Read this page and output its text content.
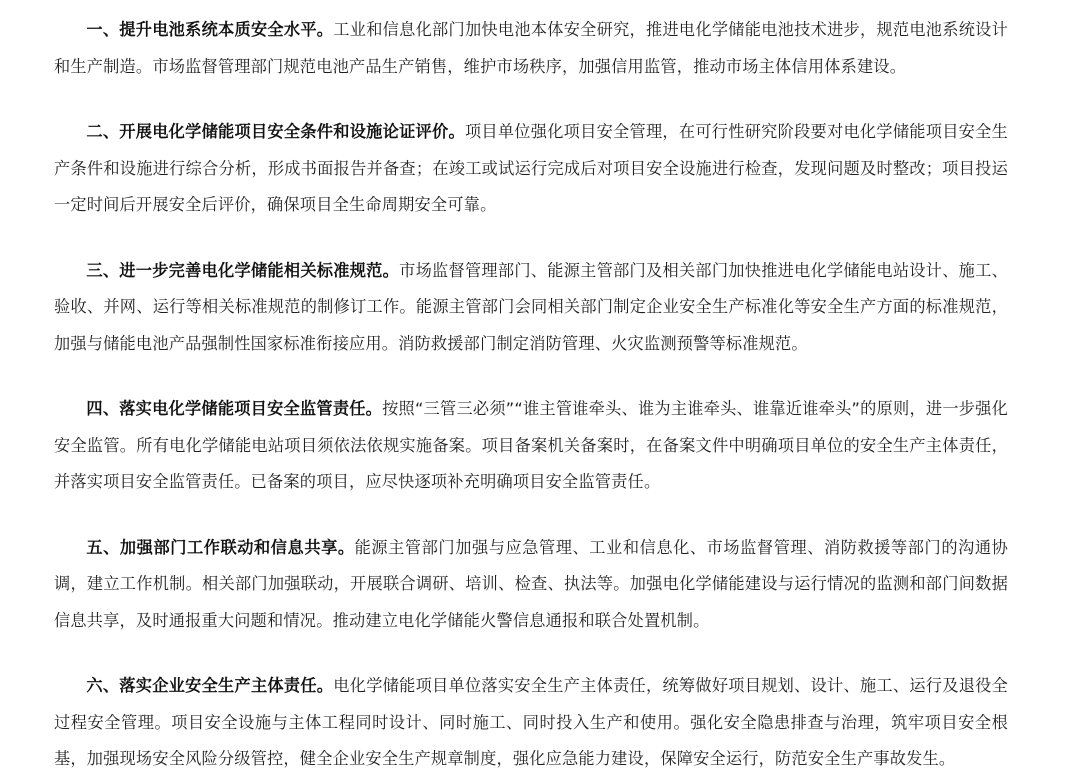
一、提升电池系统本质安全水平。工业和信息化部门加快电池本体安全研究，推进电化学储能电池技术进步，规范电池系统设计和生产制造。市场监督管理部门规范电池产品生产销售，维护市场秩序，加强信用监管，推动市场主体信用体系建设。

二、开展电化学储能项目安全条件和设施论证评价。项目单位强化项目安全管理，在可行性研究阶段要对电化学储能项目安全生产条件和设施进行综合分析，形成书面报告并备查；在竣工或试运行完成后对项目安全设施进行检查，发现问题及时整改；项目投运一定时间后开展安全后评价，确保项目全生命周期安全可靠。

三、进一步完善电化学储能相关标准规范。市场监督管理部门、能源主管部门及相关部门加快推进电化学储能电站设计、施工、验收、并网、运行等相关标准规范的制修订工作。能源主管部门会同相关部门制定企业安全生产标准化等安全生产方面的标准规范，加强与储能电池产品强制性国家标准衔接应用。消防救援部门制定消防管理、火灾监测预警等标准规范。

四、落实电化学储能项目安全监管责任。按照“三管三必须”“谁主管谁牵头、谁为主谁牵头、谁靠近谁牵头”的原则，进一步强化安全监管。所有电化学储能电站项目须依法依规实施备案。项目备案机关备案时，在备案文件中明确项目单位的安全生产主体责任，并落实项目安全监管责任。已备案的项目，应尽快逐项补充明确项目安全监管责任。

五、加强部门工作联动和信息共享。能源主管部门加强与应急管理、工业和信息化、市场监督管理、消防救援等部门的沟通协调，建立工作机制。相关部门加强联动，开展联合调研、培训、检查、执法等。加强电化学储能建设与运行情况的监测和部门间数据信息共享，及时通报重大问题和情况。推动建立电化学储能火警信息通报和联合处置机制。

六、落实企业安全生产主体责任。电化学储能项目单位落实安全生产主体责任，统筹做好项目规划、设计、施工、运行及退役全过程安全管理。项目安全设施与主体工程同时设计、同时施工、同时投入生产和使用。强化安全隐患排查与治理，筑牢项目安全根基，加强现场安全风险分级管控，健全企业安全生产规章制度，强化应急能力建设，保障安全运行，防范安全生产事故发生。
